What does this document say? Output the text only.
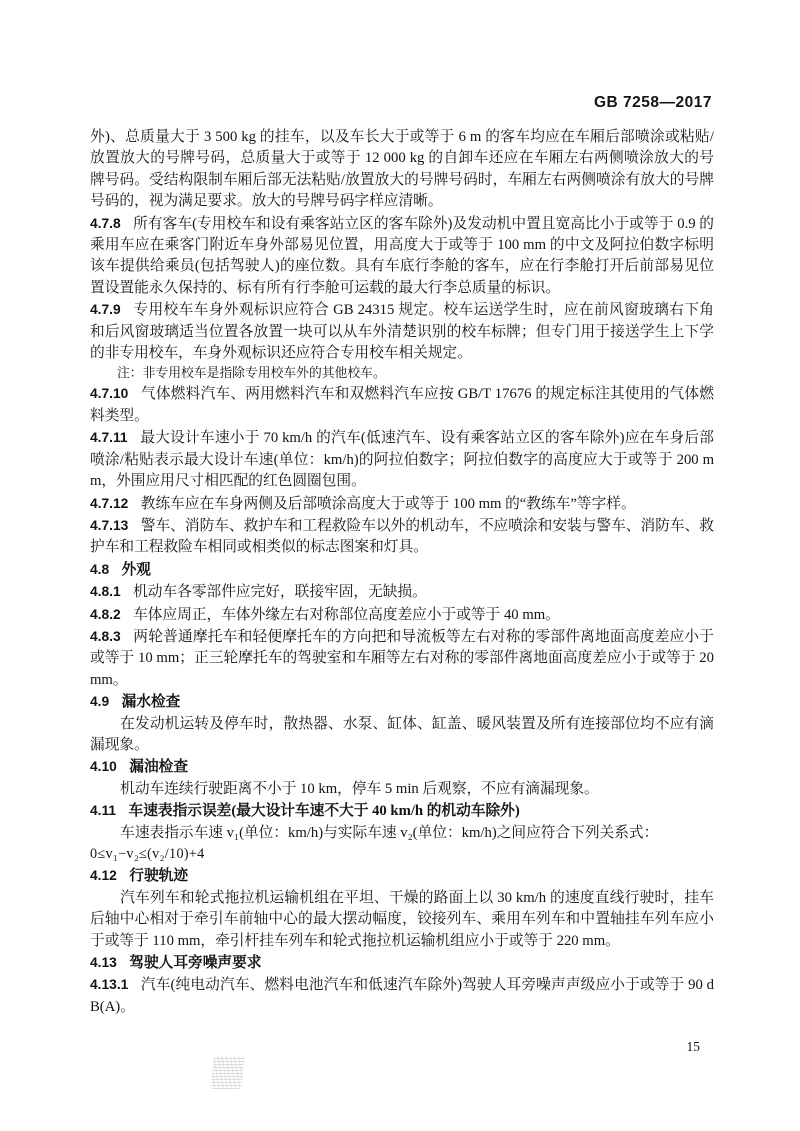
GB 7258—2017

外)、总质量大于 3 500 kg 的挂车，以及车长大于或等于 6 m 的客车均应在车厢后部喷涂或粘贴/放置放大的号牌号码，总质量大于或等于 12 000 kg 的自卸车还应在车厢左右两侧喷涂放大的号牌号码。受结构限制车厢后部无法粘贴/放置放大的号牌号码时，车厢左右两侧喷涂有放大的号牌号码的，视为满足要求。放大的号牌号码字样应清晰。

4.7.8 所有客车(专用校车和设有乘客站立区的客车除外)及发动机中置且宽高比小于或等于 0.9 的乘用车应在乘客门附近车身外部易见位置，用高度大于或等于 100 mm 的中文及阿拉伯数字标明该车提供给乘员(包括驾驶人)的座位数。具有车底行李舱的客车，应在行李舱打开后前部易见位置设置能永久保持的、标有所有行李舱可运载的最大行李总质量的标识。

4.7.9 专用校车车身外观标识应符合 GB 24315 规定。校车运送学生时，应在前风窗玻璃右下角和后风窗玻璃适当位置各放置一块可以从车外清楚识别的校车标牌；但专门用于接送学生上下学的非专用校车，车身外观标识还应符合专用校车相关规定。

注：非专用校车是指除专用校车外的其他校车。

4.7.10 气体燃料汽车、两用燃料汽车和双燃料汽车应按 GB/T 17676 的规定标注其使用的气体燃料类型。

4.7.11 最大设计车速小于 70 km/h 的汽车(低速汽车、设有乘客站立区的客车除外)应在车身后部喷涂/粘贴表示最大设计车速(单位：km/h)的阿拉伯数字；阿拉伯数字的高度应大于或等于 200 mm，外围应用尺寸相匹配的红色圆圈包围。

4.7.12 教练车应在车身两侧及后部喷涂高度大于或等于 100 mm 的“教练车”等字样。

4.7.13 警车、消防车、救护车和工程救险车以外的机动车，不应喷涂和安装与警车、消防车、救护车和工程救险车相同或相类似的标志图案和灯具。

4.8 外观

4.8.1 机动车各零部件应完好，联接牢固，无缺损。

4.8.2 车体应周正，车体外缘左右对称部位高度差应小于或等于 40 mm。

4.8.3 两轮普通摩托车和轻便摩托车的方向把和导流板等左右对称的零部件离地面高度差应小于或等于 10 mm；正三轮摩托车的驾驶室和车厢等左右对称的零部件离地面高度差应小于或等于 20 mm。

4.9 漏水检查

在发动机运转及停车时，散热器、水泵、缸体、缸盖、暖风装置及所有连接部位均不应有滴漏现象。

4.10 漏油检查

机动车连续行驶距离不小于 10 km，停车 5 min 后观察，不应有滴漏现象。

4.11 车速表指示误差(最大设计车速不大于 40 km/h 的机动车除外)

车速表指示车速 v₁(单位：km/h)与实际车速 v₂(单位：km/h)之间应符合下列关系式：

0≤v₁−v₂≤(v₂/10)+4

4.12 行驶轨迹

汽车列车和轮式拖拉机运输机组在平坦、干燥的路面上以 30 km/h 的速度直线行驶时，挂车后轴中心相对于牵引车前轴中心的最大摆动幅度，铰接列车、乘用车列车和中置轴挂车列车应小于或等于 110 mm，牵引杆挂车列车和轮式拖拉机运输机组应小于或等于 220 mm。

4.13 驾驶人耳旁噪声要求

4.13.1 汽车(纯电动汽车、燃料电池汽车和低速汽车除外)驾驶人耳旁噪声声级应小于或等于 90 dB(A)。

15
